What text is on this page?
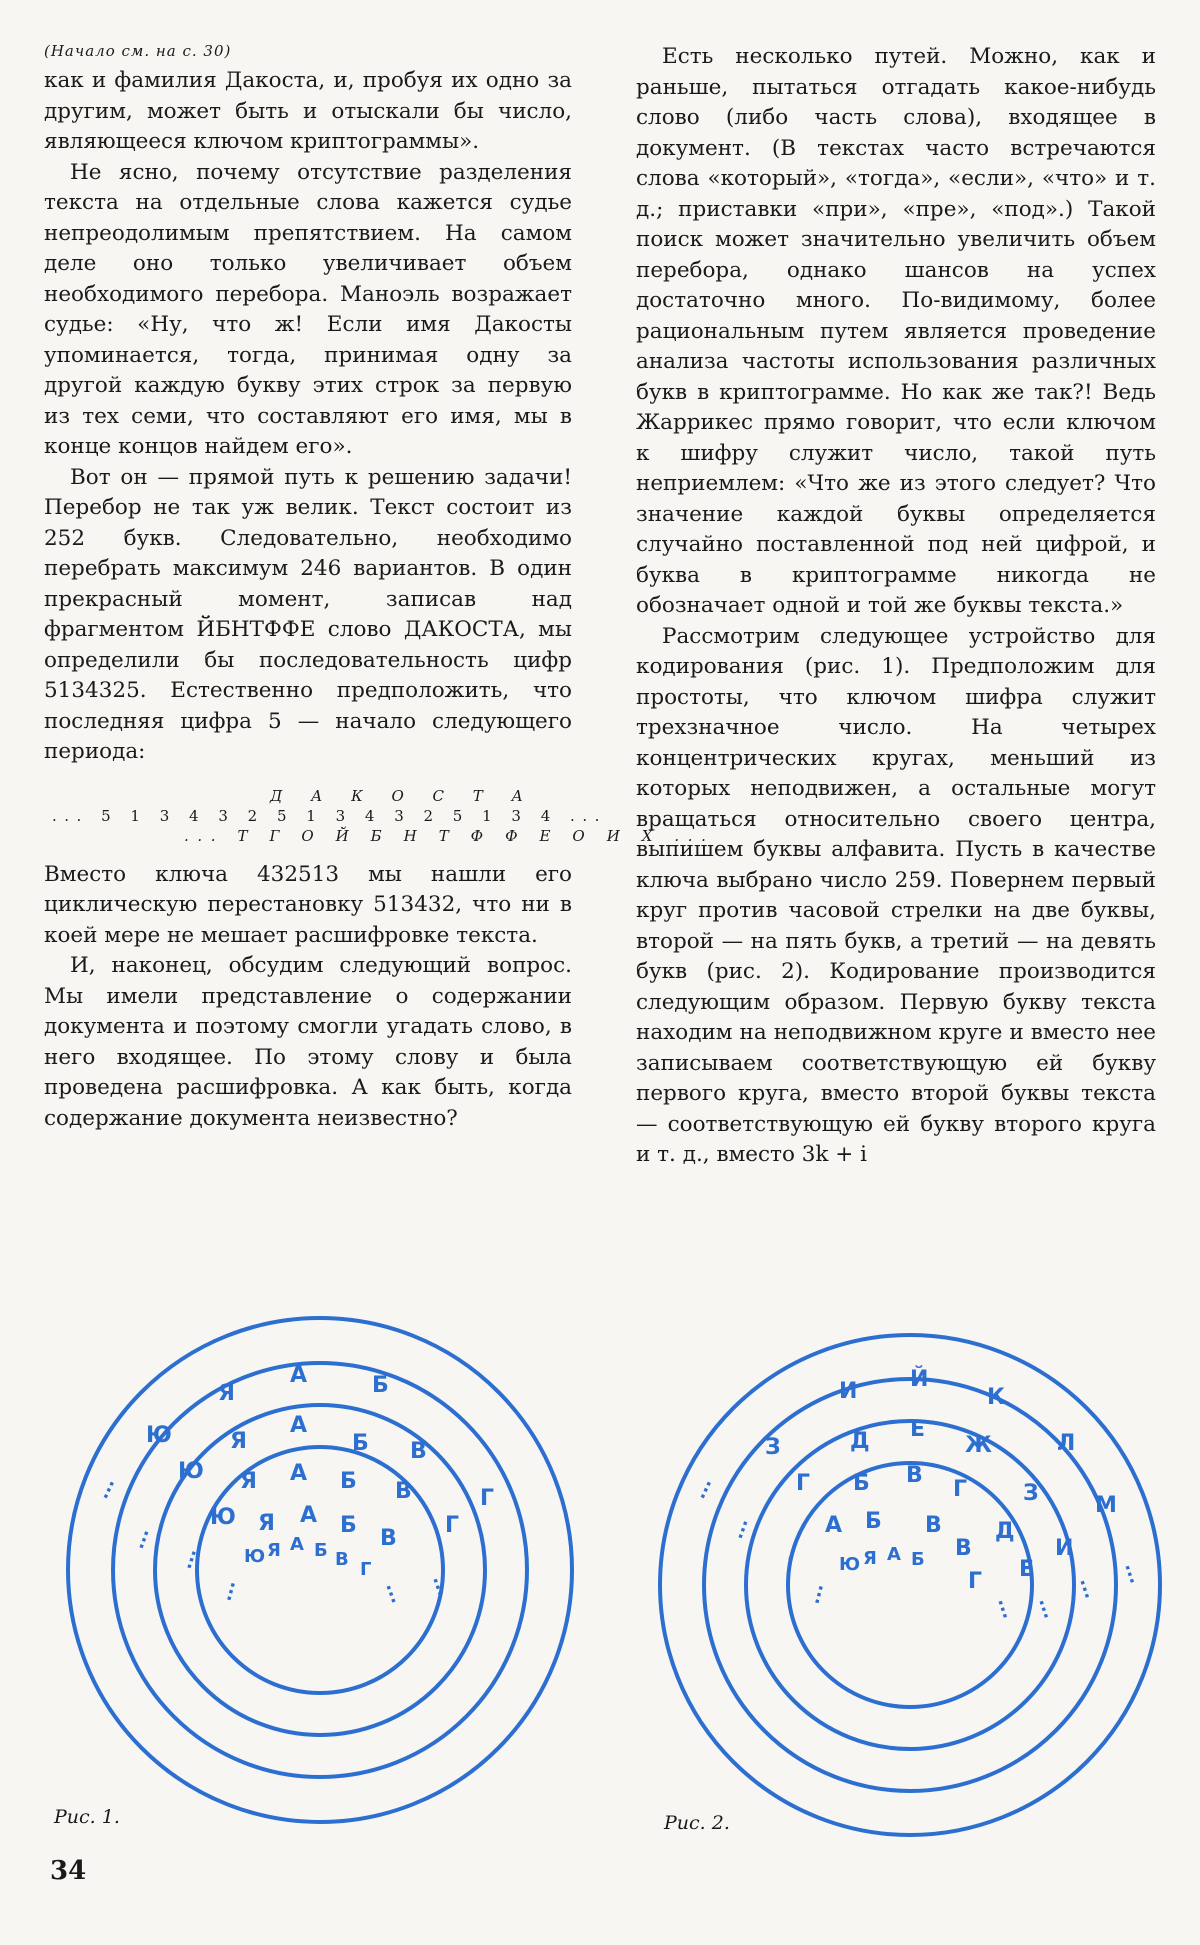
(Начало см. на с. 30)

как и фамилия Дакоста, и, пробуя их одно за другим, может быть и отыскали бы число, являющееся ключом криптограммы».

Не ясно, почему отсутствие разделения текста на отдельные слова кажется судье непреодолимым препятствием. На самом деле оно только увеличивает объем необходимого перебора. Маноэль возражает судье: «Ну, что ж! Если имя Дакосты упоминается, тогда, принимая одну за другой каждую букву этих строк за первую из тех семи, что составляют его имя, мы в конце концов найдем его».

Вот он — прямой путь к решению задачи! Перебор не так уж велик. Текст состоит из 252 букв. Следовательно, необходимо перебрать максимум 246 вариантов. В один прекрасный момент, записав над фрагментом ЙБНТФФЕ слово ДАКОСТА, мы определили бы последовательность цифр 5134325. Естественно предположить, что последняя цифра 5 — начало следующего периода:

Д А К О С Т А
... 5 1 3 4 3 2 5 1 3 4 3 2 5 1 3 4 ...
... Т Г О Й Б Н Т Ф Ф Е О И Х ...

Вместо ключа 432513 мы нашли его циклическую перестановку 513432, что ни в коей мере не мешает расшифровке текста.

И, наконец, обсудим следующий вопрос. Мы имели представление о содержании документа и поэтому смогли угадать слово, в него входящее. По этому слову и была проведена расшифровка. А как быть, когда содержание документа неизвестно?

Есть несколько путей. Можно, как и раньше, пытаться отгадать какое-нибудь слово (либо часть слова), входящее в документ. (В текстах часто встречаются слова «который», «тогда», «если», «что» и т. д.; приставки «при», «пре», «под».) Такой поиск может значительно увеличить объем перебора, однако шансов на успех достаточно много. По-видимому, более рациональным путем является проведение анализа частоты использования различных букв в криптограмме. Но как же так?! Ведь Жаррикес прямо говорит, что если ключом к шифру служит число, такой путь неприемлем: «Что же из этого следует? Что значение каждой буквы определяется случайно поставленной под ней цифрой, и буква в криптограмме никогда не обозначает одной и той же буквы текста.»

Рассмотрим следующее устройство для кодирования (рис. 1). Предположим для простоты, что ключом шифра служит трехзначное число. На четырех концентрических кругах, меньший из которых неподвижен, а остальные могут вращаться относительно своего центра, выпишем буквы алфавита. Пусть в качестве ключа выбрано число 259. Повернем первый круг против часовой стрелки на две буквы, второй — на пять букв, а третий — на девять букв (рис. 2). Кодирование производится следующим образом. Первую букву текста находим на неподвижном круге и вместо нее записываем соответствующую ей букву первого круга, вместо второй буквы текста — соответствующую ей букву второго круга и т. д., вместо 3k + i

Я
А	Б
Ю	Я
А
Б В
Ю Я А Б В
Ю Я А Б
В
Г
Г
Ю Я А Б В Г
...
...
...
...	... ...
И Й
К
Л
М
З	Д Е
Ж
З
И
Г Б В
Г
Д
Е
А Б В
В
Г
Ю Я А Б
...
...
...
...
... ...
...
...
Рис. 1.	Рис. 2.
34
